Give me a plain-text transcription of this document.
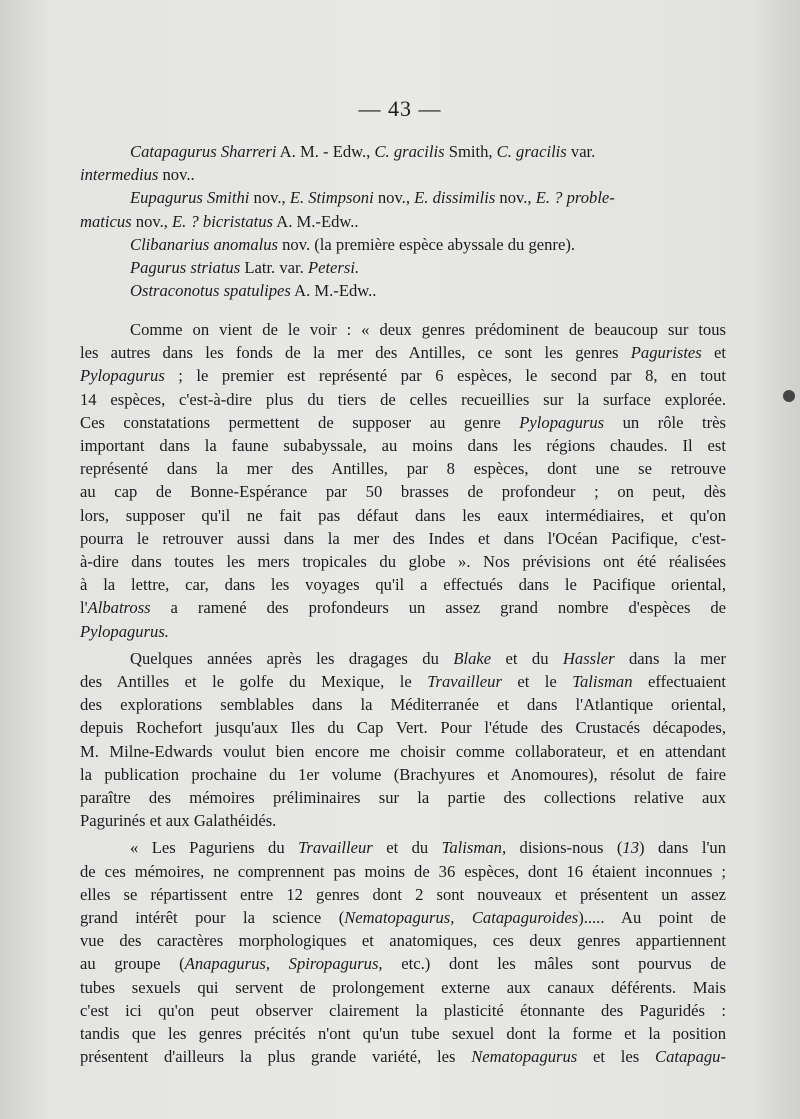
— 43 —
Catapagurus Sharreri A. M. - Edw., C. gracilis Smith, C. gracilis var.
intermedius nov..
Eupagurus Smithi nov., E. Stimpsoni nov., E. dissimilis nov., E. ? proble-
maticus nov., E. ? bicristatus A. M.-Edw..
Clibanarius anomalus nov. (la première espèce abyssale du genre).
Pagurus striatus Latr. var. Petersi.
Ostraconotus spatulipes A. M.-Edw..
Comme on vient de le voir : « deux genres prédominent de beaucoup sur tous
les autres dans les fonds de la mer des Antilles, ce sont les genres Paguristes et
Pylopagurus ; le premier est représenté par 6 espèces, le second par 8, en tout
14 espèces, c'est-à-dire plus du tiers de celles recueillies sur la surface explorée.
Ces constatations permettent de supposer au genre Pylopagurus un rôle très
important dans la faune subabyssale, au moins dans les régions chaudes. Il est
représenté dans la mer des Antilles, par 8 espèces, dont une se retrouve
au cap de Bonne-Espérance par 50 brasses de profondeur ; on peut, dès
lors, supposer qu'il ne fait pas défaut dans les eaux intermédiaires, et qu'on
pourra le retrouver aussi dans la mer des Indes et dans l'Océan Pacifique, c'est-
à-dire dans toutes les mers tropicales du globe ». Nos prévisions ont été réalisées
à la lettre, car, dans les voyages qu'il a effectués dans le Pacifique oriental,
l'Albatross a ramené des profondeurs un assez grand nombre d'espèces de
Pylopagurus.
Quelques années après les dragages du Blake et du Hassler dans la mer
des Antilles et le golfe du Mexique, le Travailleur et le Talisman effectuaient
des explorations semblables dans la Méditerranée et dans l'Atlantique oriental,
depuis Rochefort jusqu'aux Iles du Cap Vert. Pour l'étude des Crustacés décapodes,
M. Milne-Edwards voulut bien encore me choisir comme collaborateur, et en attendant
la publication prochaine du 1er volume (Brachyures et Anomoures), résolut de faire
paraître des mémoires préliminaires sur la partie des collections relative aux
Pagurinés et aux Galathéidés.
« Les Paguriens du Travailleur et du Talisman, disions-nous (13) dans l'un
de ces mémoires, ne comprennent pas moins de 36 espèces, dont 16 étaient inconnues ;
elles se répartissent entre 12 genres dont 2 sont nouveaux et présentent un assez
grand intérêt pour la science (Nematopagurus, Catapaguroides)..... Au point de
vue des caractères morphologiques et anatomiques, ces deux genres appartiennent
au groupe (Anapagurus, Spiropagurus, etc.) dont les mâles sont pourvus de
tubes sexuels qui servent de prolongement externe aux canaux déférents. Mais
c'est ici qu'on peut observer clairement la plasticité étonnante des Paguridés :
tandis que les genres précités n'ont qu'un tube sexuel dont la forme et la position
présentent d'ailleurs la plus grande variété, les Nematopagurus et les Catapagu-
